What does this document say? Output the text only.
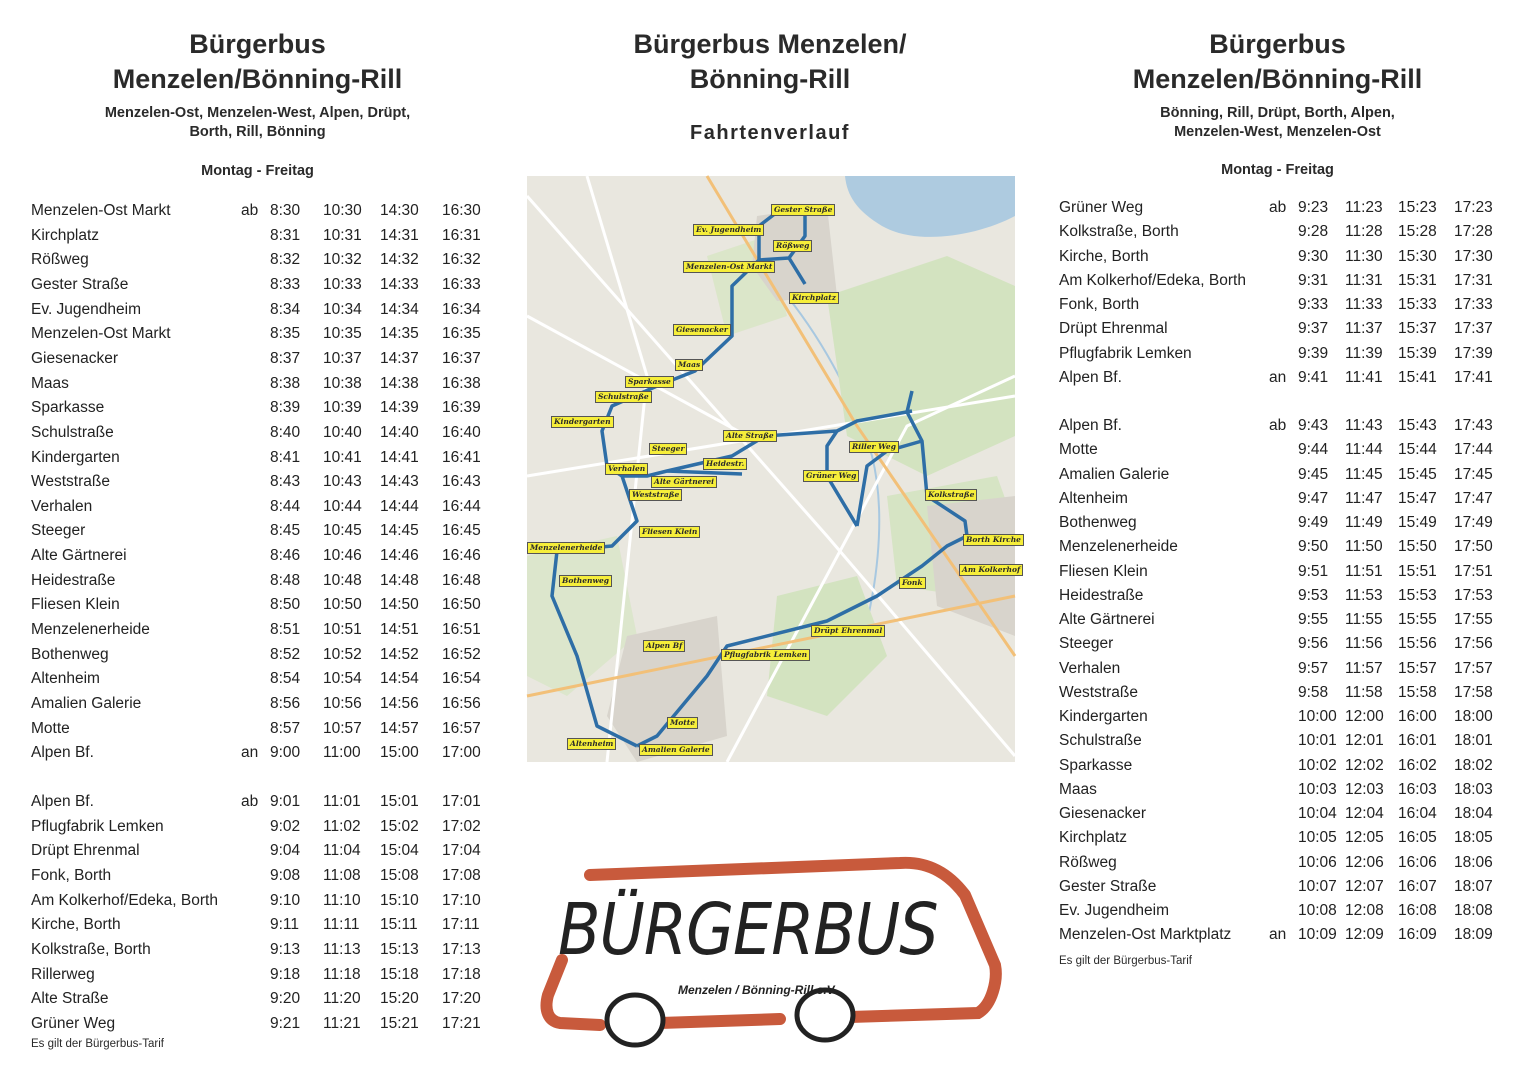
Bürgerbus
Menzelen/Bönning-Rill
Menzelen-Ost, Menzelen-West, Alpen, Drüpt,
Borth, Rill, Bönning
Montag - Freitag
Menzelen-Ost Markt	ab 8:30 10:30 14:30 16:30
Kirchplatz	8:31 10:31 14:31 16:31
Rößweg	8:32 10:32 14:32 16:32
Gester Straße	8:33 10:33 14:33 16:33
Ev. Jugendheim	8:34 10:34 14:34 16:34
Menzelen-Ost Markt	8:35 10:35 14:35 16:35
Giesenacker	8:37 10:37 14:37 16:37
Maas	8:38 10:38 14:38 16:38
Sparkasse	8:39 10:39 14:39 16:39
Schulstraße	8:40 10:40 14:40 16:40
Kindergarten	8:41 10:41 14:41 16:41
Weststraße	8:43 10:43 14:43 16:43
Verhalen	8:44 10:44 14:44 16:44
Steeger	8:45 10:45 14:45 16:45
Alte Gärtnerei	8:46 10:46 14:46 16:46
Heidestraße	8:48 10:48 14:48 16:48
Fliesen Klein	8:50 10:50 14:50 16:50
Menzelenerheide	8:51 10:51 14:51 16:51
Bothenweg	8:52 10:52 14:52 16:52
Altenheim	8:54 10:54 14:54 16:54
Amalien Galerie	8:56 10:56 14:56 16:56
Motte	8:57 10:57 14:57 16:57
Alpen Bf.	an 9:00 11:00 15:00 17:00
Alpen Bf.	ab 9:01 11:01 15:01 17:01
Pflugfabrik Lemken	9:02 11:02 15:02 17:02
Drüpt Ehrenmal	9:04 11:04 15:04 17:04
Fonk, Borth	9:08 11:08 15:08 17:08
Am Kolkerhof/Edeka, Borth	9:10 11:10 15:10 17:10
Kirche, Borth	9:11 11:11 15:11 17:11
Kolkstraße, Borth	9:13 11:13 15:13 17:13
Rillerweg	9:18 11:18 15:18 17:18
Alte Straße	9:20 11:20 15:20 17:20
Grüner Weg	9:21 11:21 15:21 17:21
Es gilt der Bürgerbus-Tarif
Bürgerbus Menzelen/
Bönning-Rill
Fahrtenverlauf
Gester Straße
Ev. Jugendheim
Rößweg
Menzelen-Ost Markt
Kirchplatz
Giesenacker
Maas
Sparkasse
Schulstraße
Kindergarten
Steeger
Alte Straße
Riller Weg
Verhalen
Heidestr.
Alte Gärtnerei
Weststraße
Grüner Weg
Kolkstraße
Fliesen Klein
Borth Kirche
Menzelenerheide
Am Kolkerhof
Bothenweg	Fonk
Drüpt Ehrenmal
Alpen Bf
Pflugfabrik Lemken
Motte
Altenheim
Amalien Galerie
BÜRGERBUS
Menzelen / Bönning-Rill e.V.
Bürgerbus
Menzelen/Bönning-Rill
Bönning, Rill, Drüpt, Borth, Alpen,
Menzelen-West, Menzelen-Ost
Montag - Freitag
Grüner Weg	ab 9:23 11:23 15:23 17:23
Kolkstraße, Borth	9:28 11:28 15:28 17:28
Kirche, Borth	9:30 11:30 15:30 17:30
Am Kolkerhof/Edeka, Borth	9:31 11:31 15:31 17:31
Fonk, Borth	9:33 11:33 15:33 17:33
Drüpt Ehrenmal	9:37 11:37 15:37 17:37
Pflugfabrik Lemken	9:39 11:39 15:39 17:39
Alpen Bf.	an 9:41 11:41 15:41 17:41
Alpen Bf.	ab 9:43 11:43 15:43 17:43
Motte	9:44 11:44 15:44 17:44
Amalien Galerie	9:45 11:45 15:45 17:45
Altenheim	9:47 11:47 15:47 17:47
Bothenweg	9:49 11:49 15:49 17:49
Menzelenerheide	9:50 11:50 15:50 17:50
Fliesen Klein	9:51 11:51 15:51 17:51
Heidestraße	9:53 11:53 15:53 17:53
Alte Gärtnerei	9:55 11:55 15:55 17:55
Steeger	9:56 11:56 15:56 17:56
Verhalen	9:57 11:57 15:57 17:57
Weststraße	9:58 11:58 15:58 17:58
Kindergarten	10:00 12:00 16:00 18:00
Schulstraße	10:01 12:01 16:01 18:01
Sparkasse	10:02 12:02 16:02 18:02
Maas	10:03 12:03 16:03 18:03
Giesenacker	10:04 12:04 16:04 18:04
Kirchplatz	10:05 12:05 16:05 18:05
Rößweg	10:06 12:06 16:06 18:06
Gester Straße	10:07 12:07 16:07 18:07
Ev. Jugendheim	10:08 12:08 16:08 18:08
Menzelen-Ost Marktplatz an 10:09 12:09 16:09 18:09
Es gilt der Bürgerbus-Tarif
